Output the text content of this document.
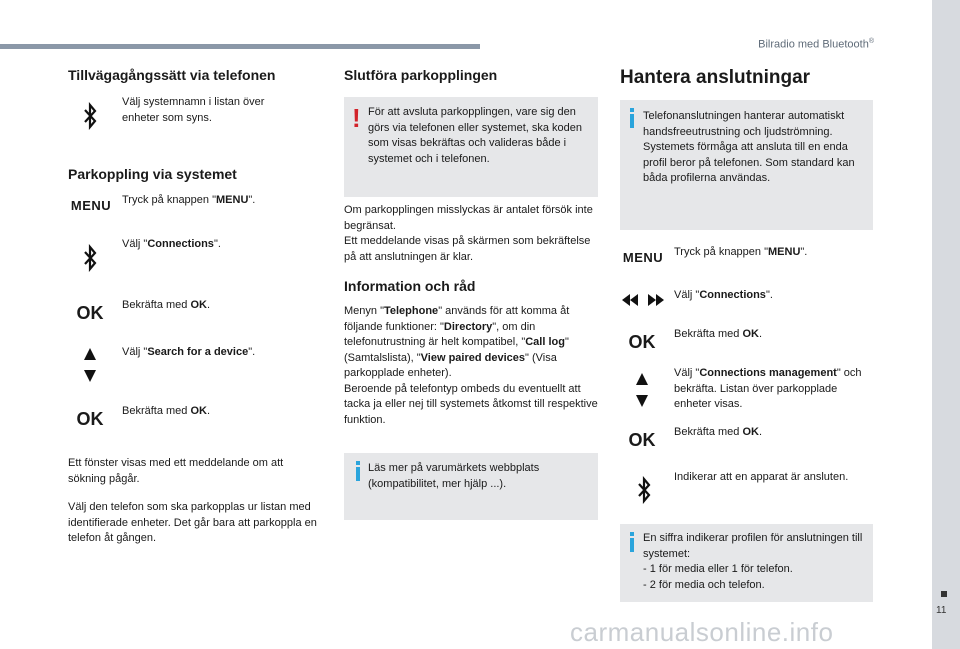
Bilradio med Bluetooth®
11
carmanualsonline.info
Tillvägagångssätt via telefonen
Välj systemnamn i listan över enheter som syns.
Parkoppling via systemet
MENU Tryck på knappen "MENU".
Välj "Connections".
OK	Bekräfta med OK.
Välj "Search for a device".
OK	Bekräfta med OK.
Ett fönster visas med ett meddelande om att sökning pågår.
Välj den telefon som ska parkopplas ur listan med identifierade enheter. Det går bara att parkoppla en telefon åt gången.
Slutföra parkopplingen
! För att avsluta parkopplingen, vare sig den görs via telefonen eller systemet, ska koden som visas bekräftas och valideras både i systemet och i telefonen.
Om parkopplingen misslyckas är antalet försök inte begränsat.
Ett meddelande visas på skärmen som bekräftelse på att anslutningen är klar.
Information och råd
Menyn "Telephone" används för att komma åt följande funktioner: "Directory", om din telefonutrustning är helt kompatibel, "Call log" (Samtalslista), "View paired devices" (Visa parkopplade enheter).
Beroende på telefontyp ombeds du eventuellt att tacka ja eller nej till systemets åtkomst till respektive funktion.
Läs mer på varumärkets webbplats (kompatibilitet, mer hjälp ...).
Hantera anslutningar
Telefonanslutningen hanterar automatiskt handsfreeutrustning och ljudströmning. Systemets förmåga att ansluta till en enda profil beror på telefonen. Som standard kan båda profilerna användas.
MENU Tryck på knappen "MENU".
Välj "Connections".
OK	Bekräfta med OK.
Välj "Connections management" och bekräfta. Listan över parkopplade enheter visas.
OK	Bekräfta med OK.
Indikerar att en apparat är ansluten.
En siffra indikerar profilen för anslutningen till systemet:
- 1 för media eller 1 för telefon.
- 2 för media och telefon.
